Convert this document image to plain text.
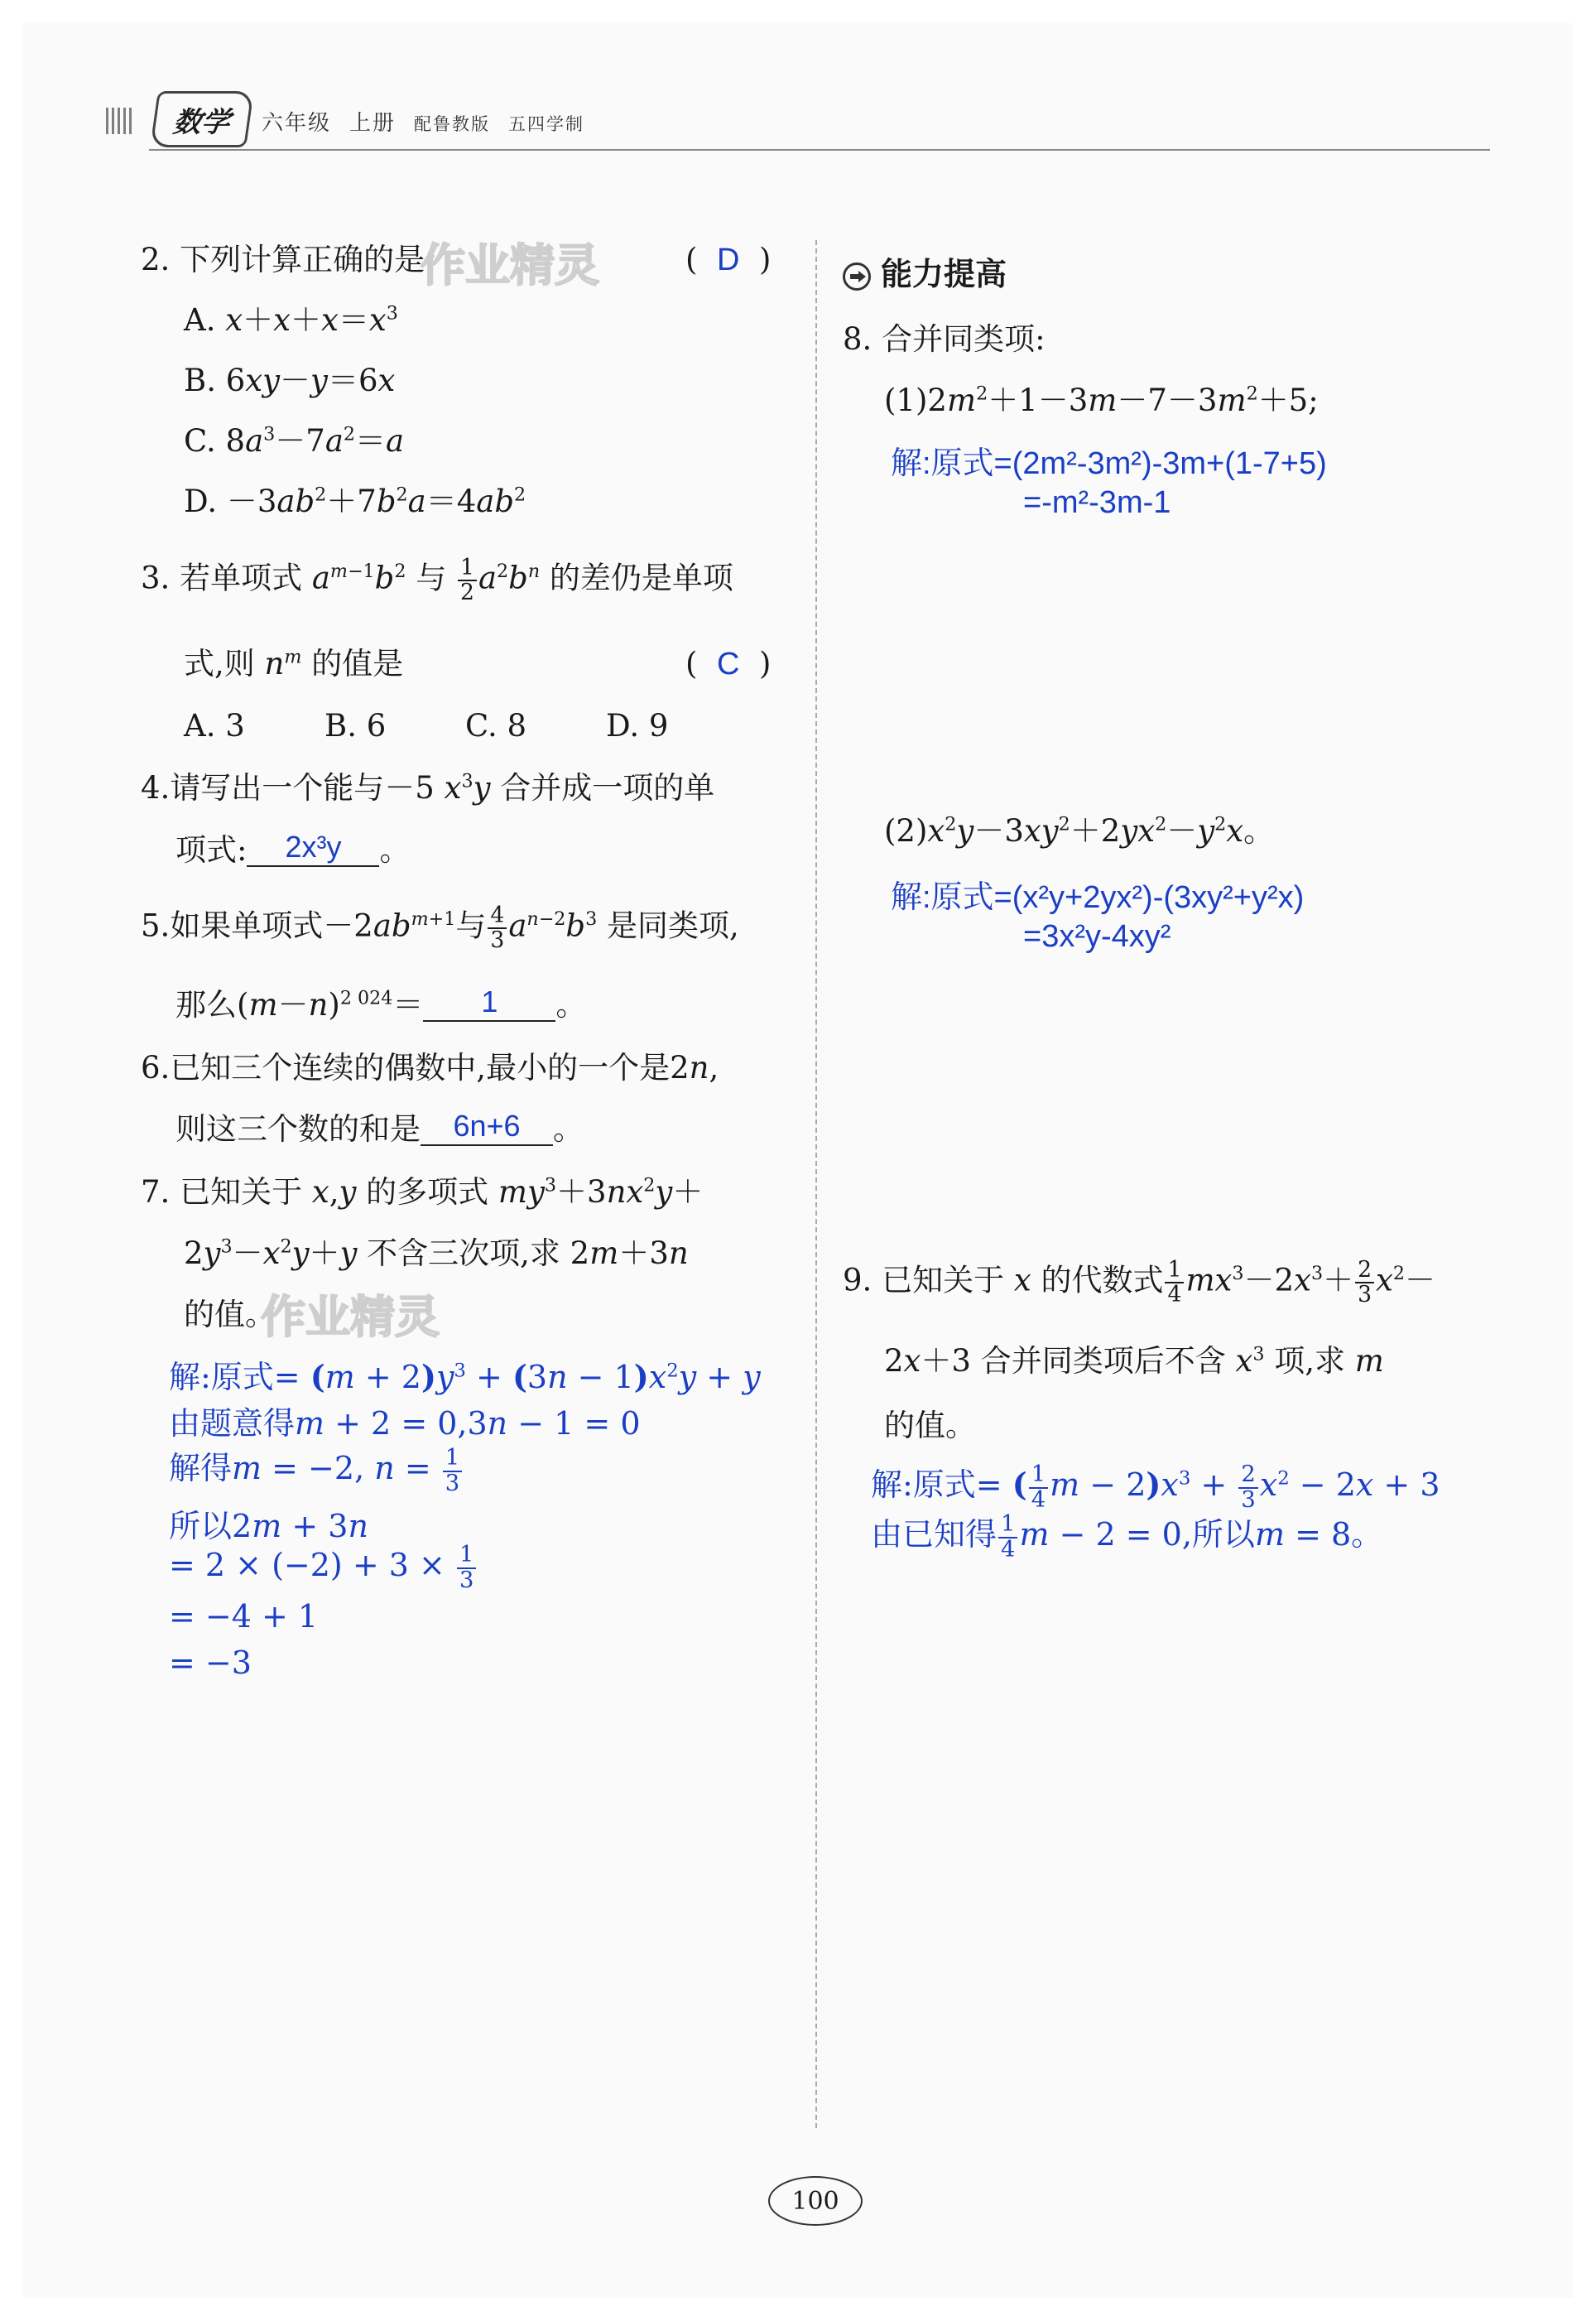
数学 六年级 上册 配鲁教版 五四学制
作业精灵
作业精灵
2. 下列计算正确的是	(  D  )
A. $x+x+x=x^3$
B. 6xy－y＝6x
C. $8a^3-7a^2=a$
D. $-3ab^2+7b^2a=4ab^2$
3. 若单项式 $a^{m-1}b^2$ 与 $\frac{1}{2} a^2b^n$ 的差仍是单项
式,则 $n^m$ 的值是	(  C  )
A. 3	B. 6	C. 8	D. 9
4.请写出一个能与－5 $x^3y$ 合并成一项的单
项式: 2x³y 。
5.如果单项式$-2ab^{m+1}$与 $\frac{4}{3} a^{n-2}b^3$ 是同类项,
那么$(m-n)^{2 024}= 1$ 。
6.已知三个连续的偶数中,最小的一个是2n,
则这三个数的和是 6n+6 。
7. 已知关于 x,y 的多项式 $my^3+3nx^2y+$
$2y^3-x^2y+y$ 不含三次项,求 2m＋3n
的值。
解:原式= $(m + 2)y^3 + (3n - 1)x^2y + y$
由题意得m + 2 = 0,3n − 1 = 0
解得m = −2, $n = \frac{1}{3}$
所以2m + 3n
= $2 \times (-2) + 3 \times \frac{1}{3}$
= −4 + 1
= −3
能力提高
8. 合并同类项:
$(1)2m^2+1-3m-7-3m^2+5$;
解:原式=(2m²-3m²)-3m+(1-7+5)
=-m²-3m-1
$(2)x^2y-3xy^2+2yx^2-y^2x$。
解:原式=(x²y+2yx²)-(3xy²+y²x)
=3x²y-4xy²
9. 已知关于 x 的代数式 $\frac{1}{4} mx^3-2x^3+ \frac{2}{3} x^2-$
2x＋3 合并同类项后不含 $x^3$ 项,求 m
的值。
解:原式= ( $\frac{1}{4}$ $m - 2)x^3 + \frac{2}{3} x^2 - 2x + 3$
由已知得 $\frac{1}{4}$ m − 2 = 0,所以m = 8。
100
